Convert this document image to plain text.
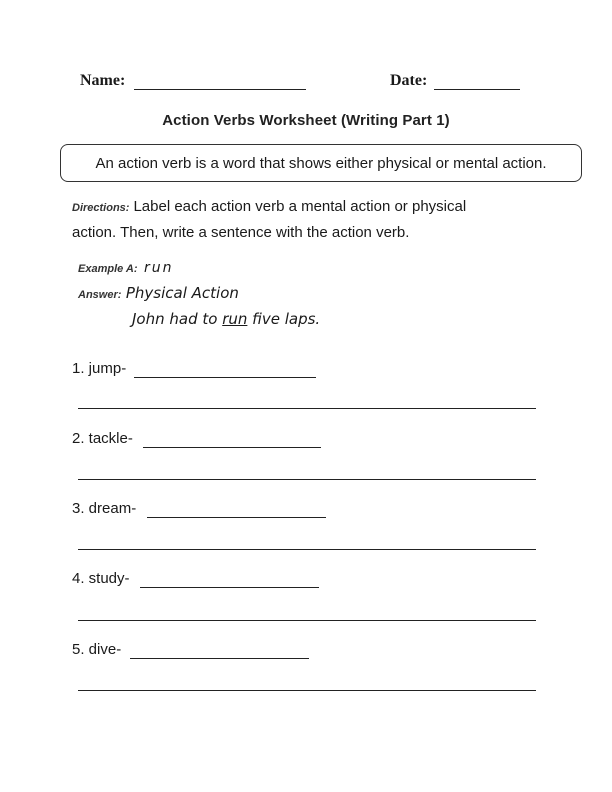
Name:	Date:
Action Verbs Worksheet (Writing Part 1)
An action verb is a word that shows either physical or mental action.
Directions: Label each action verb a mental action or physical
action. Then, write a sentence with the action verb.
Example A: run
Answer: Physical Action
John had to run five laps.
1. jump-
2. tackle-
3. dream-
4. study-
5. dive-
